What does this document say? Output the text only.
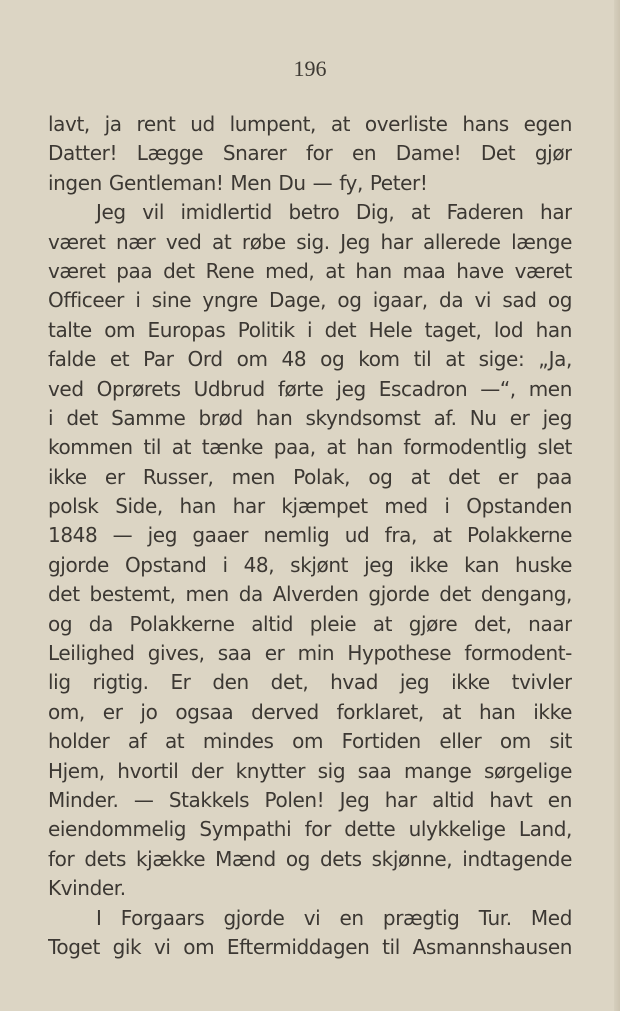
196
lavt, ja rent ud lumpent, at overliste hans egen
Datter! Lægge Snarer for en Dame! Det gjør
ingen Gentleman! Men Du — fy, Peter!
Jeg vil imidlertid betro Dig, at Faderen har
været nær ved at røbe sig. Jeg har allerede længe
været paa det Rene med, at han maa have været
Officeer i sine yngre Dage, og igaar, da vi sad og
talte om Europas Politik i det Hele taget, lod han
falde et Par Ord om 48 og kom til at sige: „Ja,
ved Oprørets Udbrud førte jeg Escadron —“, men
i det Samme brød han skyndsomst af. Nu er jeg
kommen til at tænke paa, at han formodentlig slet
ikke er Russer, men Polak, og at det er paa
polsk Side, han har kjæmpet med i Opstanden
1848 — jeg gaaer nemlig ud fra, at Polakkerne
gjorde Opstand i 48, skjønt jeg ikke kan huske
det bestemt, men da Alverden gjorde det dengang,
og da Polakkerne altid pleie at gjøre det, naar
Leilighed gives, saa er min Hypothese formodent-
lig rigtig. Er den det, hvad jeg ikke tvivler
om, er jo ogsaa derved forklaret, at han ikke
holder af at mindes om Fortiden eller om sit
Hjem, hvortil der knytter sig saa mange sørgelige
Minder. — Stakkels Polen! Jeg har altid havt en
eiendommelig Sympathi for dette ulykkelige Land,
for dets kjække Mænd og dets skjønne, indtagende
Kvinder.
I Forgaars gjorde vi en prægtig Tur. Med
Toget gik vi om Eftermiddagen til Asmannshausen
